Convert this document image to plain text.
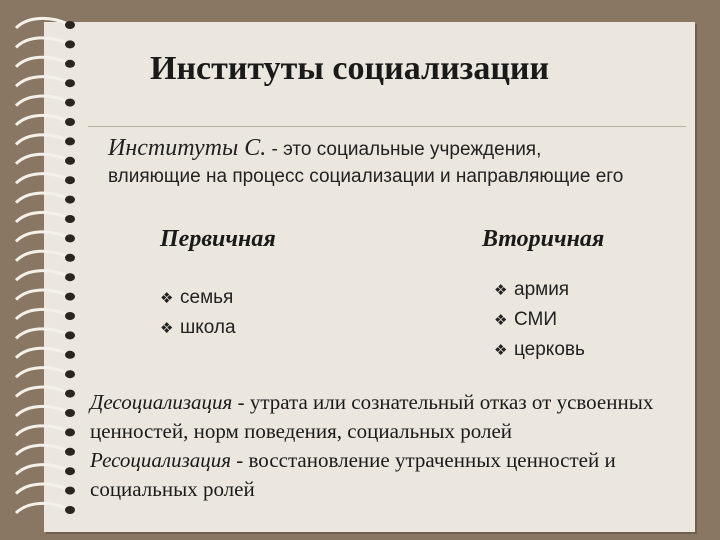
Институты социализации
Институты С. - это социальные учреждения,
влияющие на процесс социализации и направляющие его
Первичная	Вторичная
❖ семья
❖ школа
❖ армия
❖ СМИ
❖ церковь
Десоциализация - утрата или сознательный отказ от усвоенных ценностей, норм поведения, социальных ролей
Ресоциализация - восстановление утраченных ценностей и социальных ролей
